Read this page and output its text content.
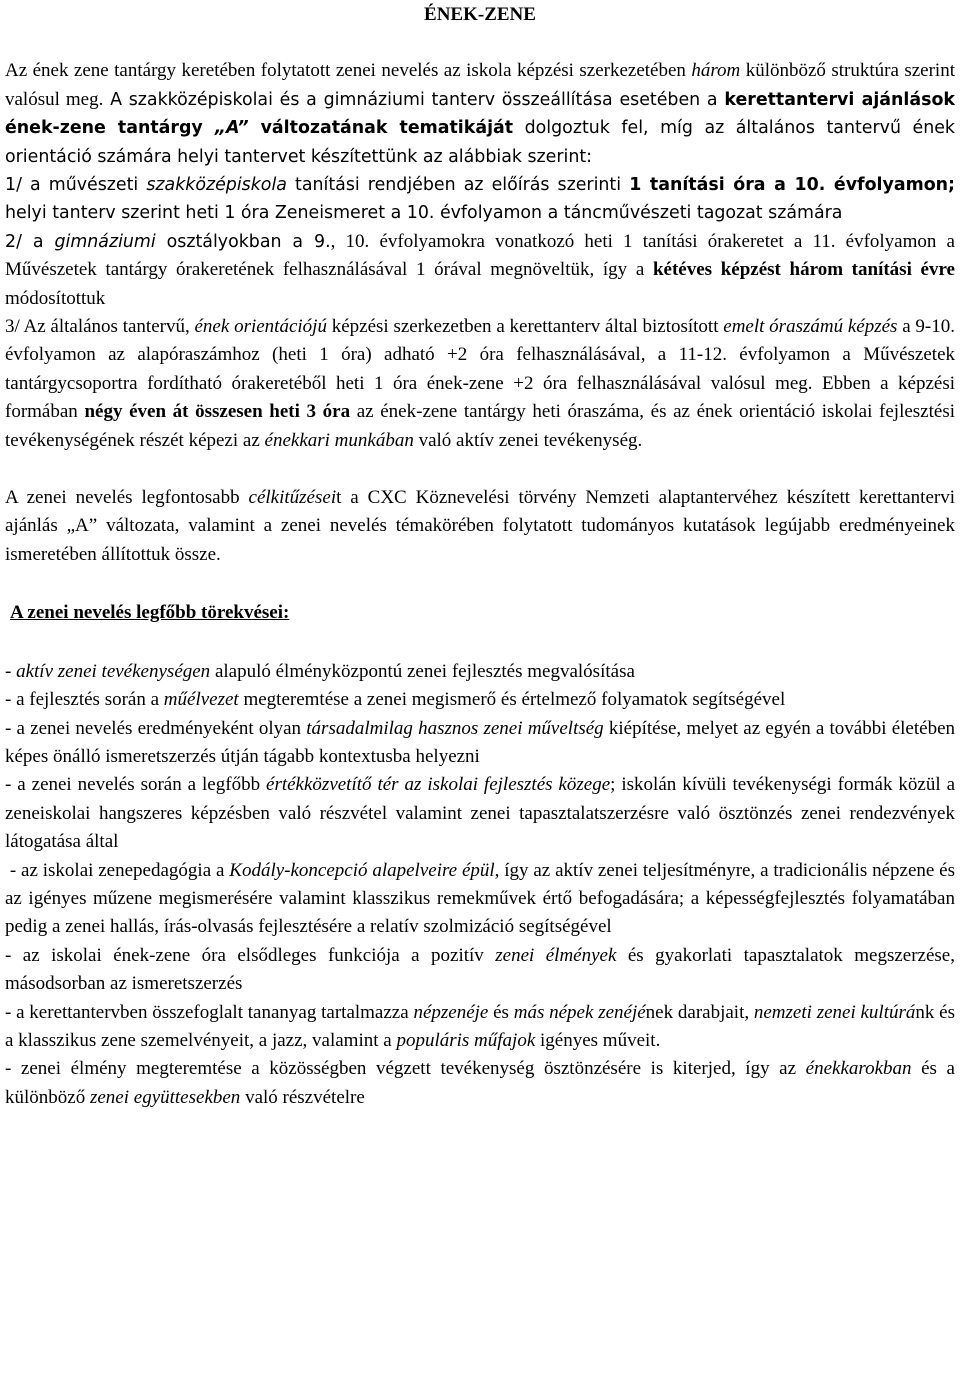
ÉNEK-ZENE

Az ének zene tantárgy keretében folytatott zenei nevelés az iskola képzési szerkezetében három különböző struktúra szerint valósul meg. A szakközépiskolai és a gimnáziumi tanterv összeállítása esetében a kerettantervi ajánlások ének-zene tantárgy „A” változatának tematikáját dolgoztuk fel, míg az általános tantervű ének orientáció számára helyi tantervet készítettünk az alábbiak szerint:

1/ a művészeti szakközépiskola tanítási rendjében az előírás szerinti 1 tanítási óra a 10. évfolyamon; helyi tanterv szerint heti 1 óra Zeneismeret a 10. évfolyamon a táncművészeti tagozat számára

2/ a gimnáziumi osztályokban a 9., 10. évfolyamokra vonatkozó heti 1 tanítási órakeretet a 11. évfolyamon a Művészetek tantárgy órakeretének felhasználásával 1 órával megnöveltük, így a kétéves képzést három tanítási évre módosítottuk

3/ Az általános tantervű, ének orientációjú képzési szerkezetben a kerettanterv által biztosított emelt óraszámú képzés a 9-10. évfolyamon az alapóraszámhoz (heti 1 óra) adható +2 óra felhasználásával, a 11-12. évfolyamon a Művészetek tantárgycsoportra fordítható órakeretéből heti 1 óra ének-zene +2 óra felhasználásával valósul meg. Ebben a képzési formában négy éven át összesen heti 3 óra az ének-zene tantárgy heti óraszáma, és az ének orientáció iskolai fejlesztési tevékenységének részét képezi az énekkari munkában való aktív zenei tevékenység.

A zenei nevelés legfontosabb célkitűzéseit a CXC Köznevelési törvény Nemzeti alaptantervéhez készített kerettantervi ajánlás „A” változata, valamint a zenei nevelés témakörében folytatott tudományos kutatások legújabb eredményeinek ismeretében állítottuk össze.

A zenei nevelés legfőbb törekvései:

- aktív zenei tevékenységen alapuló élményközpontú zenei fejlesztés megvalósítása

- a fejlesztés során a műélvezet megteremtése a zenei megismerő és értelmező folyamatok segítségével

- a zenei nevelés eredményeként olyan társadalmilag hasznos zenei műveltség kiépítése, melyet az egyén a további életében képes önálló ismeretszerzés útján tágabb kontextusba helyezni

- a zenei nevelés során a legfőbb értékközvetítő tér az iskolai fejlesztés közege; iskolán kívüli tevékenységi formák közül a zeneiskolai hangszeres képzésben való részvétel valamint zenei tapasztalatszerzésre való ösztönzés zenei rendezvények látogatása által

- az iskolai zenepedagógia a Kodály-koncepció alapelveire épül, így az aktív zenei teljesítményre, a tradicionális népzene és az igényes műzene megismerésére valamint klasszikus remekművek értő befogadására; a képességfejlesztés folyamatában pedig a zenei hallás, írás-olvasás fejlesztésére a relatív szolmizáció segítségével

- az iskolai ének-zene óra elsődleges funkciója a pozitív zenei élmények és gyakorlati tapasztalatok megszerzése, másodsorban az ismeretszerzés

- a kerettantervben összefoglalt tananyag tartalmazza népzenéje és más népek zenéjének darabjait, nemzeti zenei kultúránk és a klasszikus zene szemelvényeit, a jazz, valamint a populáris műfajok igényes műveit.

- zenei élmény megteremtése a közösségben végzett tevékenység ösztönzésére is kiterjed, így az énekkarokban és a különböző zenei együttesekben való részvételre
